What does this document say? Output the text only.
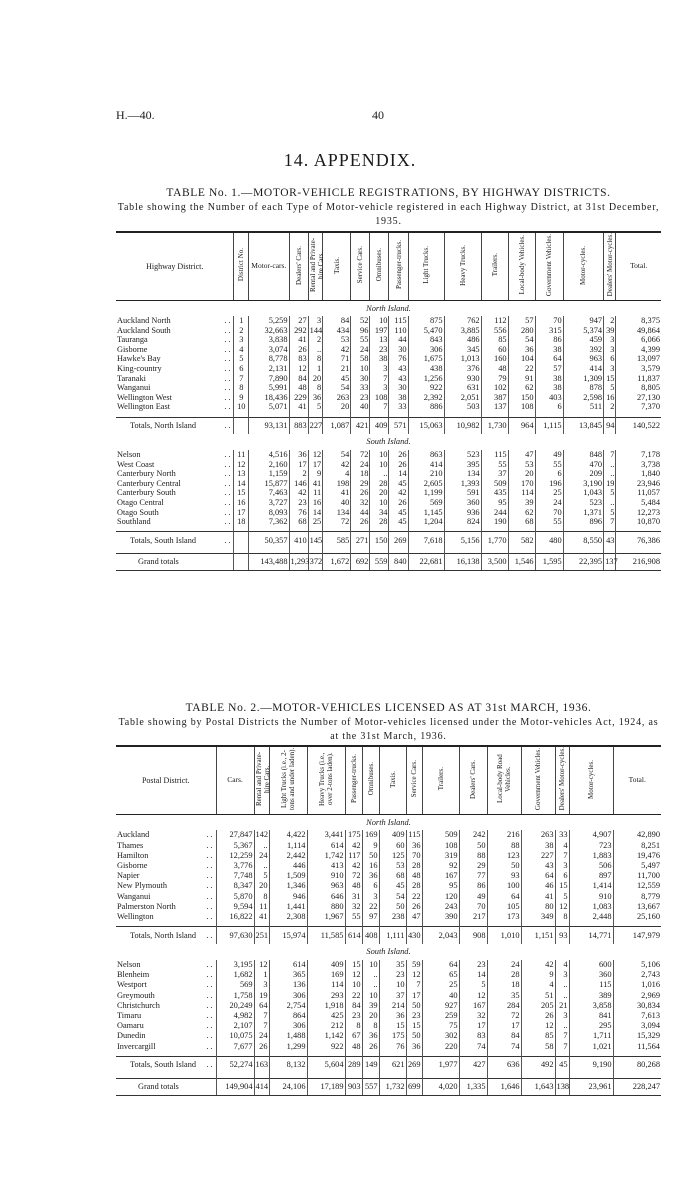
H.—40.	40
14. APPENDIX.
TABLE No. 1.—MOTOR-VEHICLE REGISTRATIONS, BY HIGHWAY DISTRICTS.
Table showing the Number of each Type of Motor-vehicle registered in each Highway District, at 31st December, 1935.
Highway District.	District No.	Motor-cars.	Dealers' Cars.	Rental and Private-hire Cars.	Taxis.	Service Cars.	Omnibuses.	Passenger-trucks.	Light Trucks.	Heavy Trucks.	Trailers.	Local-body Vehicles.	Government Vehicles.	Motor-cycles.	Dealers' Motor-cycles.	Total.
North Island.																
Auckland North ..	1	5,259	27	3	84	52	10	115	875	762	112	57	70	947	2	8,375
Auckland South ..	2	32,663	292	144	434	96	197	110	5,470	3,885	556	280	315	5,374	39	49,864
Tauranga ..	3	3,838	41	2	53	55	13	44	843	486	85	54	86	459	3	6,066
Gisborne ..	4	3,074	26	..	42	24	23	30	306	345	60	36	38	392	3	4,399
Hawke's Bay ..	5	8,778	83	8	71	58	38	76	1,675	1,013	160	104	64	963	6	13,097
King-country ..	6	2,131	12	1	21	10	3	43	438	376	48	22	57	414	3	3,579
Taranaki ..	7	7,890	84	20	45	30	7	43	1,256	930	79	91	38	1,309	15	11,837
Wanganui ..	8	5,991	48	8	54	33	3	30	922	631	102	62	38	878	5	8,805
Wellington West ..	9	18,436	229	36	263	23	108	38	2,392	2,051	387	150	403	2,598	16	27,130
Wellington East ..	10	5,071	41	5	20	40	7	33	886	503	137	108	6	511	2	7,370

Totals, North Island ..		93,131	883	227	1,087	421	409	571	15,063	10,982	1,730	964	1,115	13,845	94	140,522
South Island.																
Nelson ..	11	4,516	36	12	54	72	10	26	863	523	115	47	49	848	7	7,178
West Coast ..	12	2,160	17	17	42	24	10	26	414	395	55	53	55	470	..	3,738
Canterbury North ..	13	1,159	2	9	4	18	..	14	210	134	37	20	6	209	..	1,840
Canterbury Central ..	14	15,877	146	41	198	29	28	45	2,605	1,393	509	170	196	3,190	19	23,946
Canterbury South ..	15	7,463	42	11	41	26	20	42	1,199	591	435	114	25	1,043	5	11,057
Otago Central ..	16	3,727	23	16	40	32	10	26	569	360	95	39	24	523	..	5,484
Otago South ..	17	8,093	76	14	134	44	34	45	1,145	936	244	62	70	1,371	5	12,273
Southland ..	18	7,362	68	25	72	26	28	45	1,204	824	190	68	55	896	7	10,870

Totals, South Island ..		50,357	410	145	585	271	150	269	7,618	5,156	1,770	582	480	8,550	43	76,386

Grand totals		143,488	1,293	372	1,672	692	559	840	22,681	16,138	3,500	1,546	1,595	22,395	137	216,908
TABLE No. 2.—MOTOR-VEHICLES LICENSED AS AT 31st MARCH, 1936.
Table showing by Postal Districts the Number of Motor-vehicles licensed under the Motor-vehicles Act, 1924, as at the 31st March, 1936.
Postal District.	Cars.	Rental and Private-hire Cars.	Light Trucks (i.e., 2-tons and under laden).	Heavy Trucks (i.e., over 2-tons laden).	Passenger-trucks.	Omnibuses.	Taxis.	Service Cars.	Trailers.	Dealers' Cars.	Local-body Road Vehicles.	Government Vehicles.	Dealers' Motor-cycles.	Motor-cycles.	Total.
North Island.															
Auckland ..	27,847	142	4,422	3,441	175	169	409	115	509	242	216	263	33	4,907	42,890
Thames ..	5,367	..	1,114	614	42	9	60	36	108	50	88	38	4	723	8,251
Hamilton ..	12,259	24	2,442	1,742	117	50	125	70	319	88	123	227	7	1,883	19,476
Gisborne ..	3,776	..	446	413	42	16	53	28	92	29	50	43	3	506	5,497
Napier ..	7,748	5	1,509	910	72	36	68	48	167	77	93	64	6	897	11,700
New Plymouth ..	8,347	20	1,346	963	48	6	45	28	95	86	100	46	15	1,414	12,559
Wanganui ..	5,870	8	946	646	31	3	54	22	120	49	64	41	5	910	8,779
Palmerston North ..	9,594	11	1,441	880	32	22	50	26	243	70	105	80	12	1,083	13,667
Wellington ..	16,822	41	2,308	1,967	55	97	238	47	390	217	173	349	8	2,448	25,160

Totals, North Island ..	97,630	251	15,974	11,585	614	408	1,111	430	2,043	908	1,010	1,151	93	14,771	147,979
South Island.															
Nelson ..	3,195	12	614	409	15	10	35	59	64	23	24	42	4	600	5,106
Blenheim ..	1,682	1	365	169	12	..	23	12	65	14	28	9	3	360	2,743
Westport ..	569	3	136	114	10	..	10	7	25	5	18	4	..	115	1,016
Greymouth ..	1,758	19	306	293	22	10	37	17	40	12	35	51	..	389	2,969
Christchurch ..	20,249	64	2,754	1,918	84	39	214	50	927	167	284	205	21	3,858	30,834
Timaru ..	4,982	7	864	425	23	20	36	23	259	32	72	26	3	841	7,613
Oamaru ..	2,107	7	306	212	8	8	15	15	75	17	17	12	..	295	3,094
Dunedin ..	10,075	24	1,488	1,142	67	36	175	50	302	83	84	85	7	1,711	15,329
Invercargill ..	7,677	26	1,299	922	48	26	76	36	220	74	74	58	7	1,021	11,564

Totals, South Island ..	52,274	163	8,132	5,604	289	149	621	269	1,977	427	636	492	45	9,190	80,268

Grand totals	149,904	414	24,106	17,189	903	557	1,732	699	4,020	1,335	1,646	1,643	138	23,961	228,247
